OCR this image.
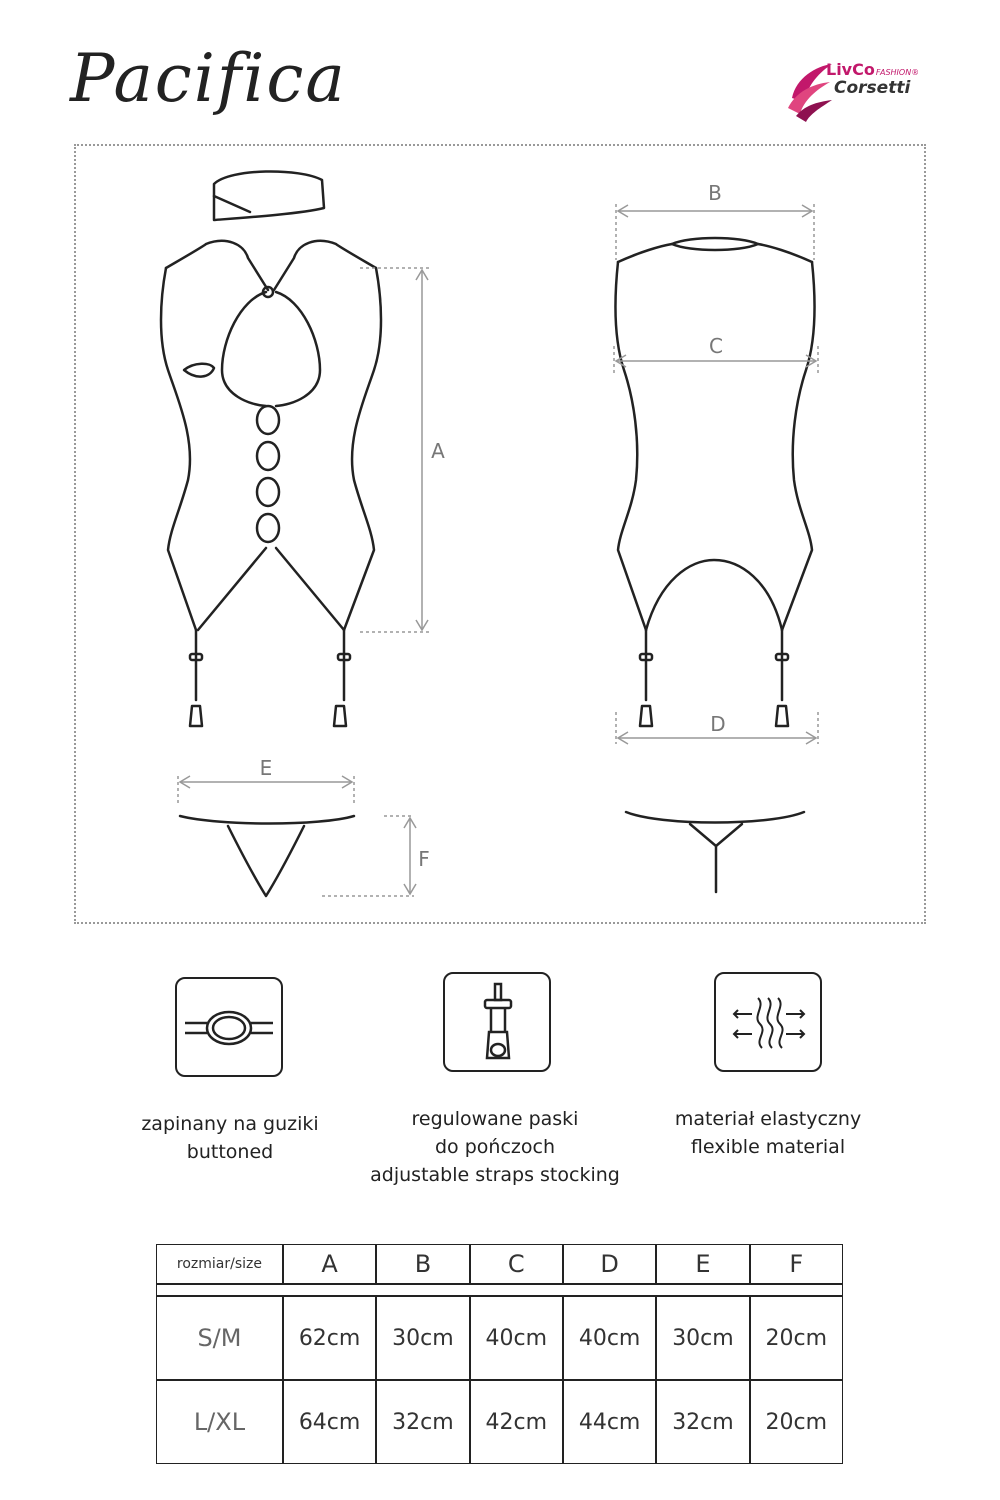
Pacifica	LivCoFASHION®
Corsetti
A
B
C
D
E
F
zapinany na guziki
buttoned
regulowane paski
do pończoch
adjustable straps stocking
materiał elastyczny
flexible material
rozmiar/size	A	B	C	D	E	F

S/M	62cm	30cm	40cm	40cm	30cm	20cm
L/XL	64cm	32cm	42cm	44cm	32cm	20cm
